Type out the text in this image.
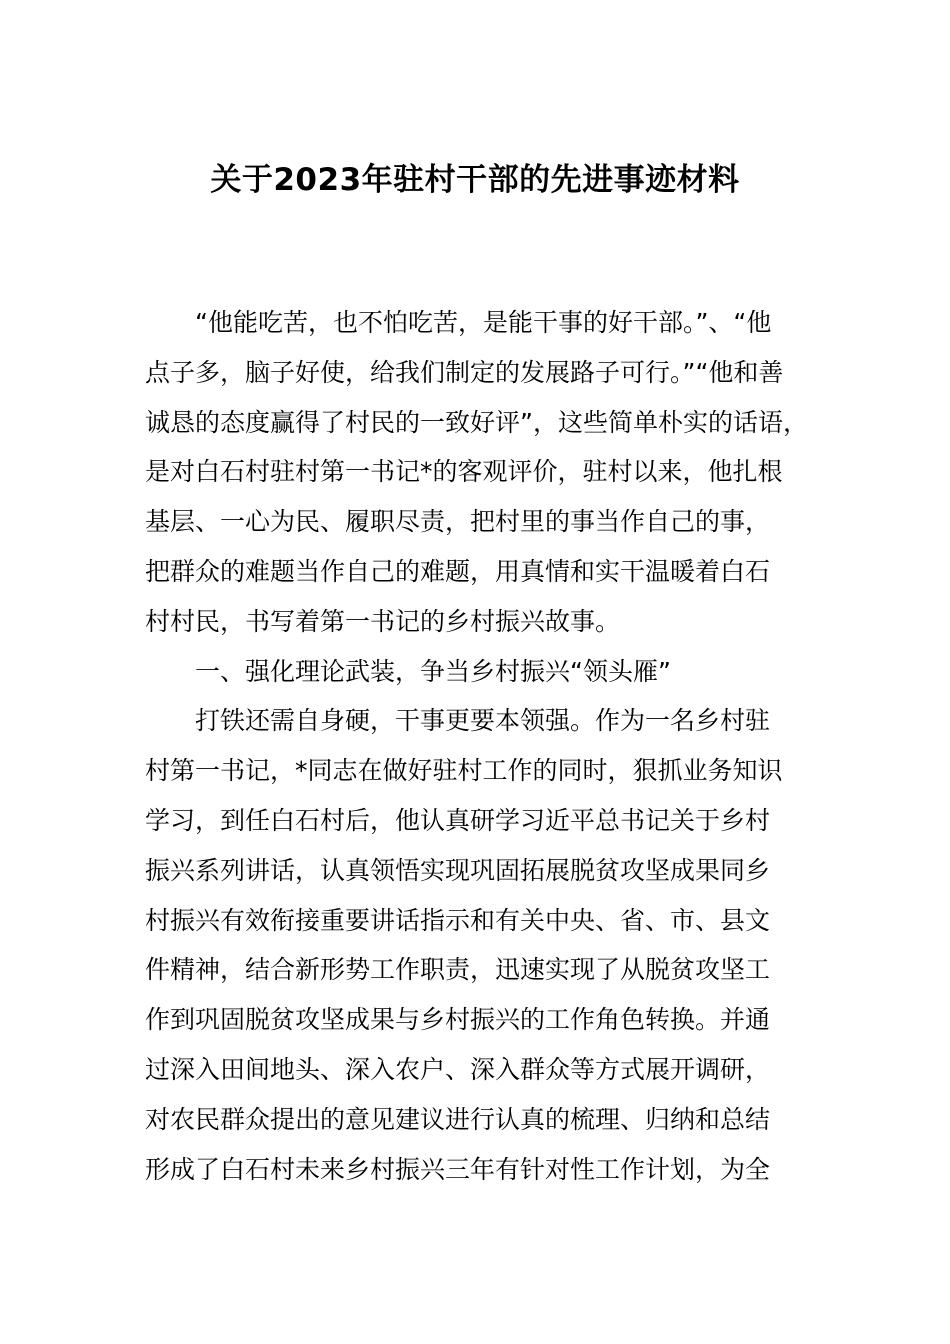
关于2023年驻村干部的先进事迹材料
“他能吃苦，也不怕吃苦，是能干事的好干部。”、“他
点子多，脑子好使，给我们制定的发展路子可行。”“他和善
诚恳的态度赢得了村民的一致好评”，这些简单朴实的话语，
是对白石村驻村第一书记*的客观评价，驻村以来，他扎根
基层、一心为民、履职尽责，把村里的事当作自己的事，
把群众的难题当作自己的难题，用真情和实干温暖着白石
村村民，书写着第一书记的乡村振兴故事。
一、强化理论武装，争当乡村振兴“领头雁”
打铁还需自身硬，干事更要本领强。作为一名乡村驻
村第一书记，*同志在做好驻村工作的同时，狠抓业务知识
学习，到任白石村后，他认真研学习近平总书记关于乡村
振兴系列讲话，认真领悟实现巩固拓展脱贫攻坚成果同乡
村振兴有效衔接重要讲话指示和有关中央、省、市、县文
件精神，结合新形势工作职责，迅速实现了从脱贫攻坚工
作到巩固脱贫攻坚成果与乡村振兴的工作角色转换。并通
过深入田间地头、深入农户、深入群众等方式展开调研，
对农民群众提出的意见建议进行认真的梳理、归纳和总结
形成了白石村未来乡村振兴三年有针对性工作计划，为全
